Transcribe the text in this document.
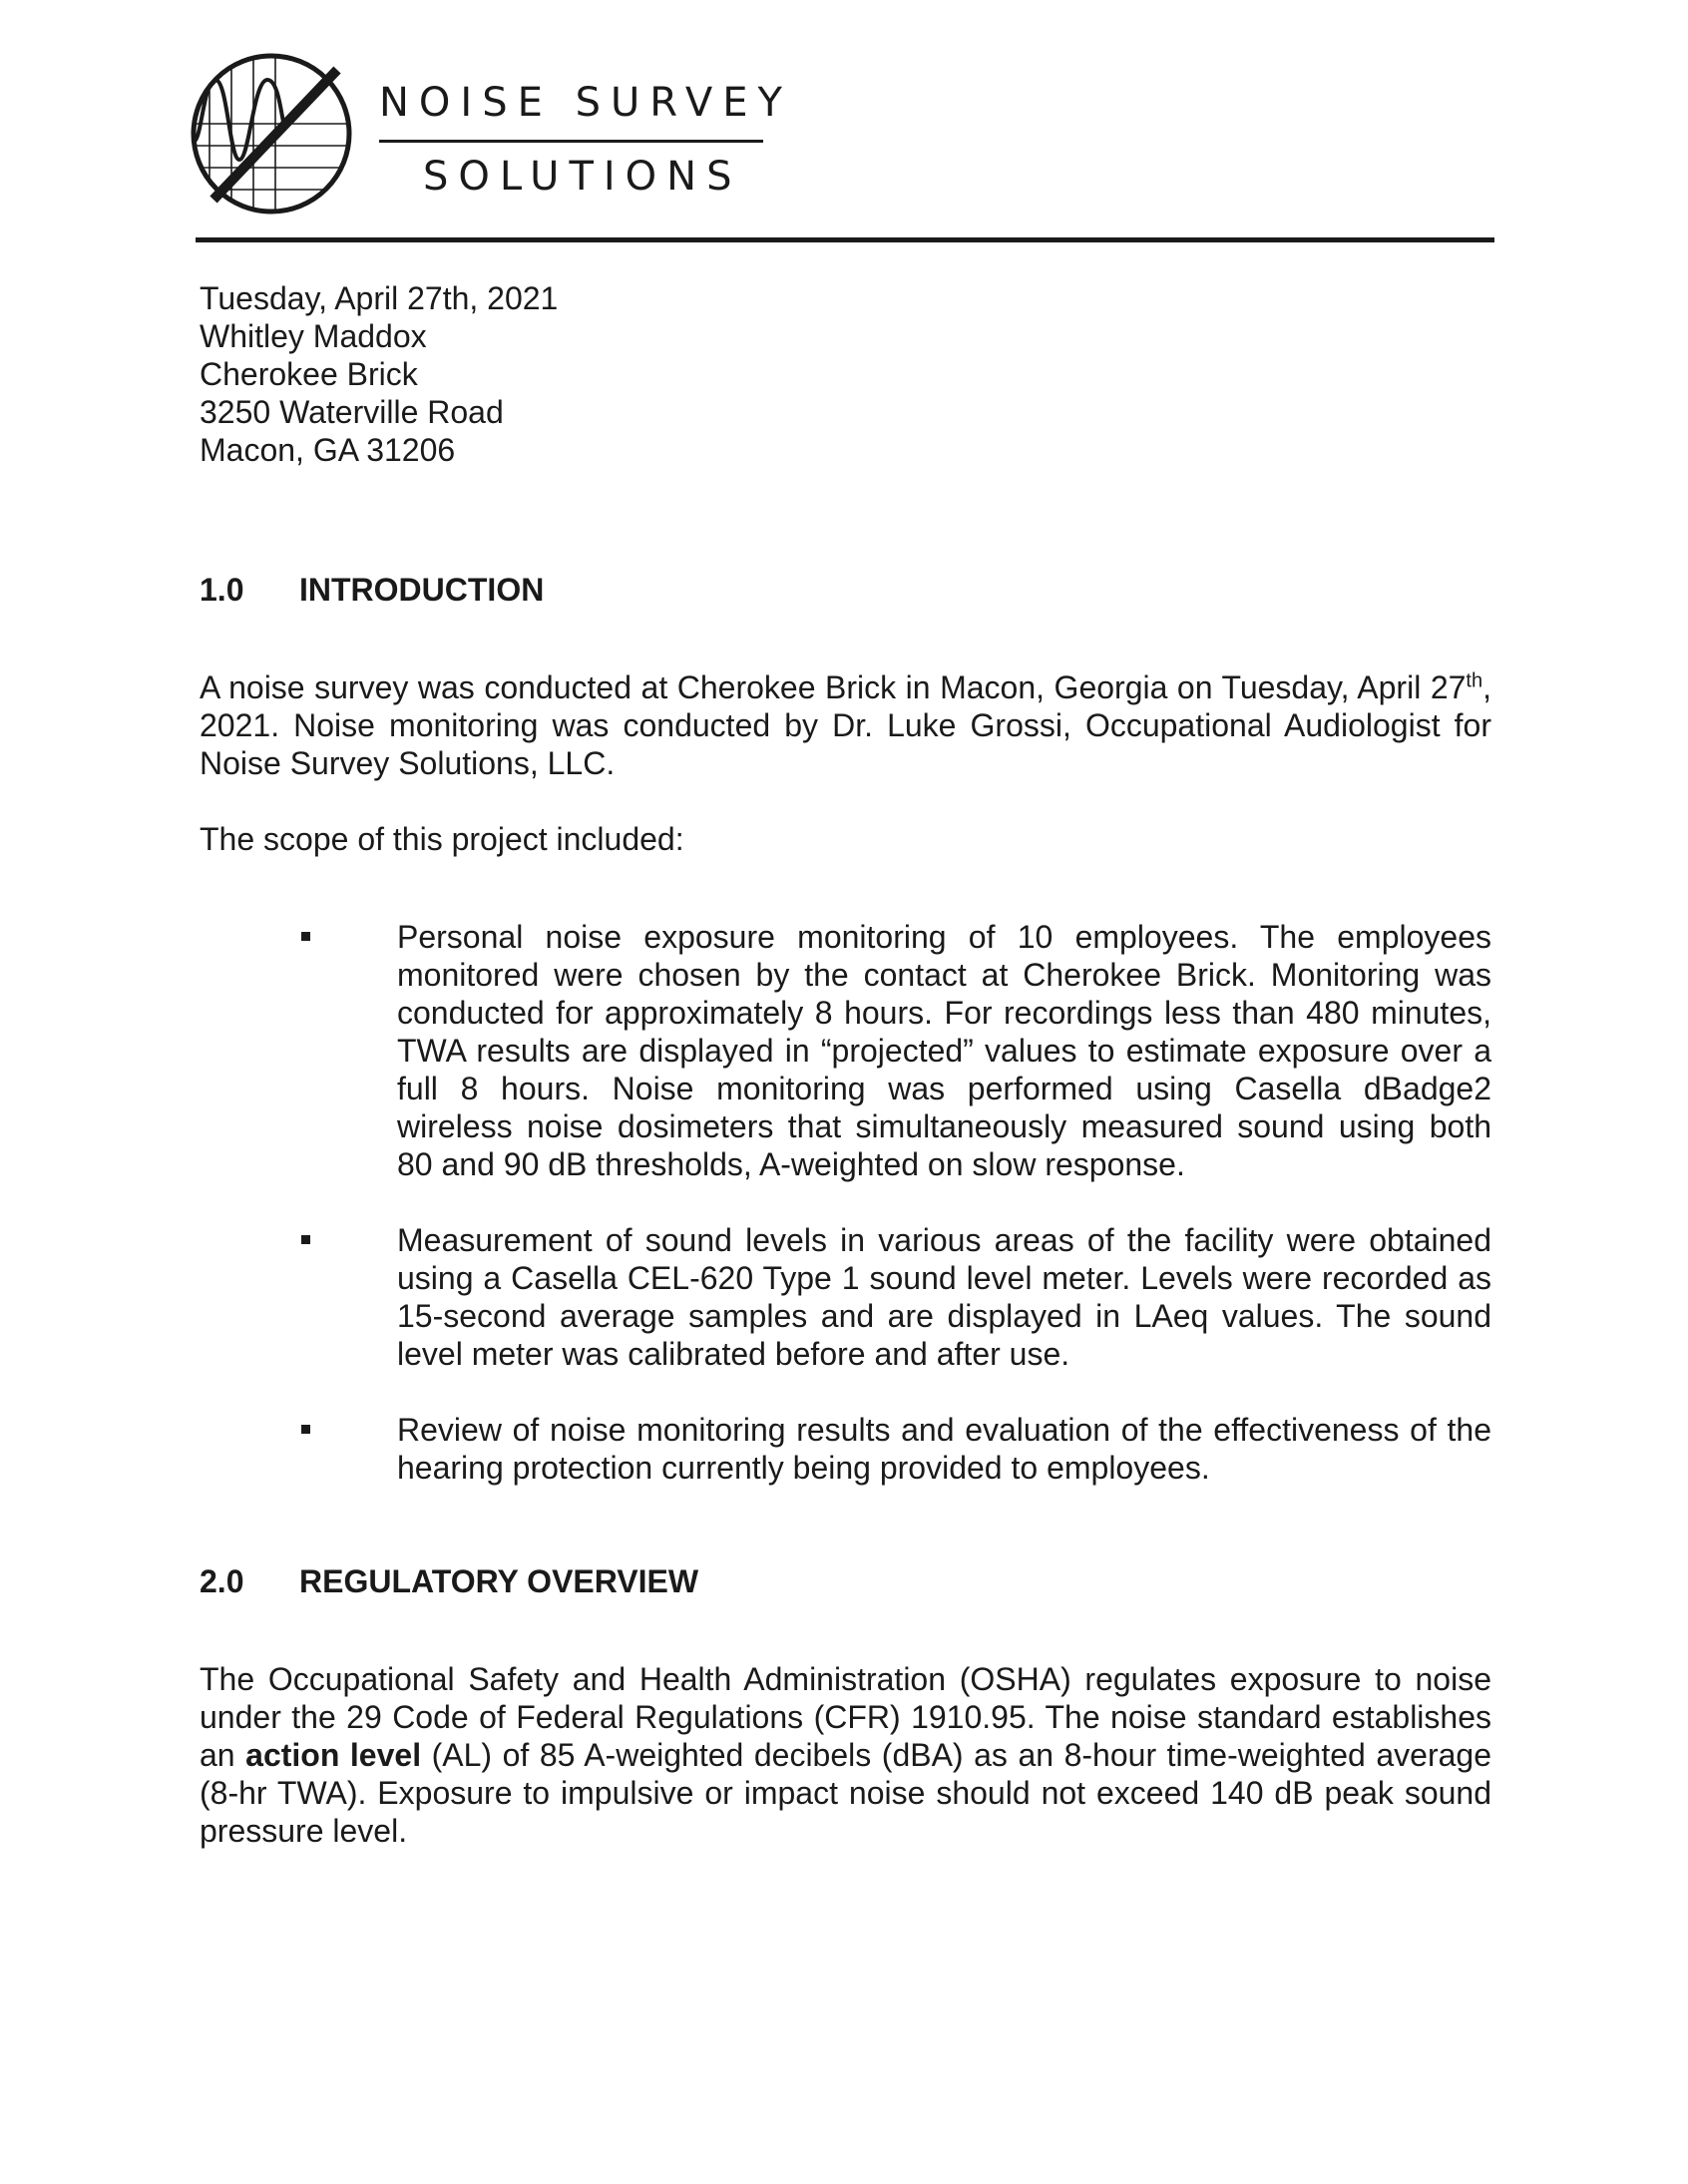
NOISE SURVEY
SOLUTIONS
Tuesday, April 27th, 2021
Whitley Maddox
Cherokee Brick
3250 Waterville Road
Macon, GA 31206
1.0 INTRODUCTION
A noise survey was conducted at Cherokee Brick in Macon, Georgia on Tuesday, April 27th, 2021. Noise monitoring was conducted by Dr. Luke Grossi, Occupational Audiologist for Noise Survey Solutions, LLC.
The scope of this project included:
Personal noise exposure monitoring of 10 employees. The employees monitored were chosen by the contact at Cherokee Brick. Monitoring was conducted for approximately 8 hours. For recordings less than 480 minutes, TWA results are displayed in “projected” values to estimate exposure over a full 8 hours. Noise monitoring was performed using Casella dBadge2 wireless noise dosimeters that simultaneously measured sound using both 80 and 90 dB thresholds, A-weighted on slow response.
Measurement of sound levels in various areas of the facility were obtained using a Casella CEL-620 Type 1 sound level meter. Levels were recorded as 15-second average samples and are displayed in LAeq values. The sound level meter was calibrated before and after use.
Review of noise monitoring results and evaluation of the effectiveness of the hearing protection currently being provided to employees.
2.0 REGULATORY OVERVIEW
The Occupational Safety and Health Administration (OSHA) regulates exposure to noise under the 29 Code of Federal Regulations (CFR) 1910.95. The noise standard establishes an action level (AL) of 85 A-weighted decibels (dBA) as an 8-hour time-weighted average (8-hr TWA). Exposure to impulsive or impact noise should not exceed 140 dB peak sound pressure level.
